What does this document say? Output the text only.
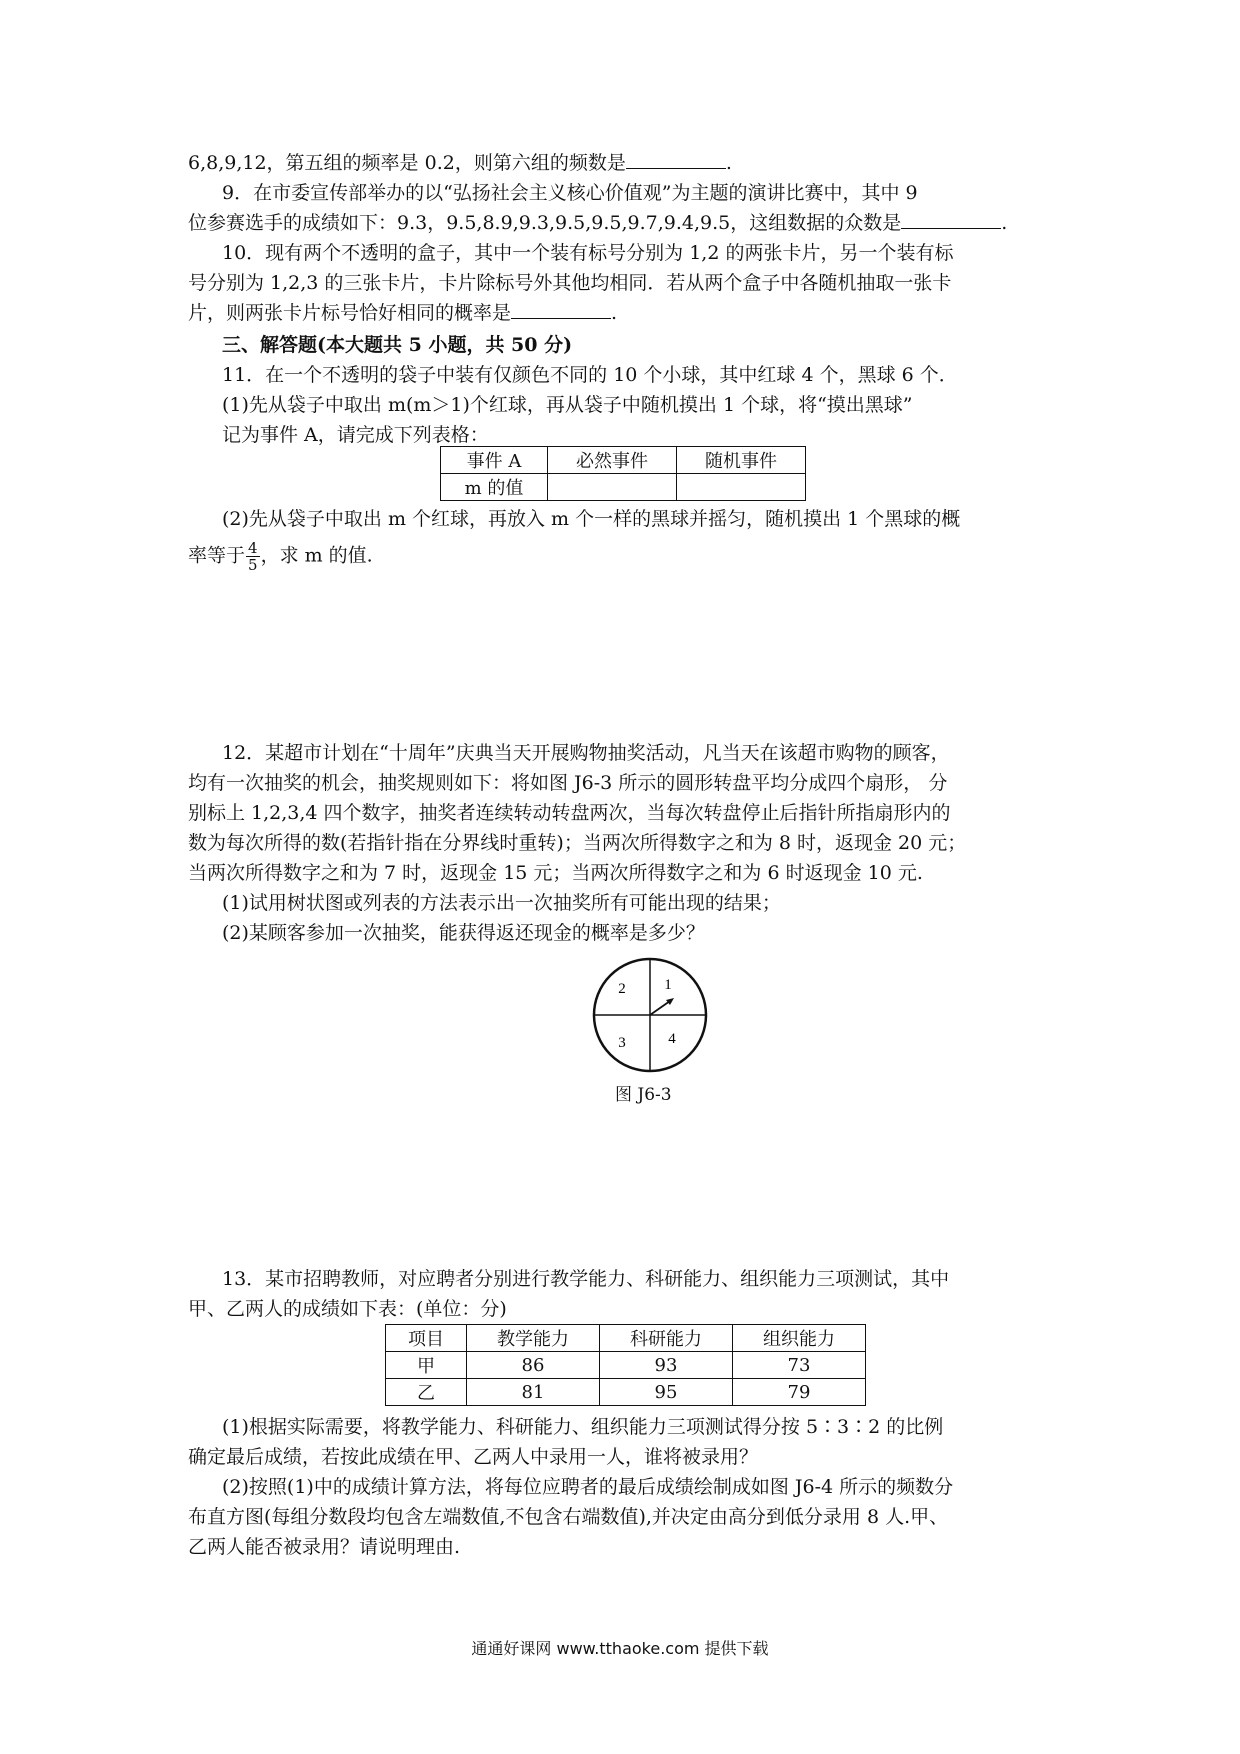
6,8,9,12，第五组的频率是 0.2，则第六组的频数是	.
9．在市委宣传部举办的以“弘扬社会主义核心价值观”为主题的演讲比赛中，其中 9
位参赛选手的成绩如下：9.3，9.5,8.9,9.3,9.5,9.5,9.7,9.4,9.5，这组数据的众数是	.
10．现有两个不透明的盒子，其中一个装有标号分别为 1,2 的两张卡片，另一个装有标
号分别为 1,2,3 的三张卡片，卡片除标号外其他均相同．若从两个盒子中各随机抽取一张卡
片，则两张卡片标号恰好相同的概率是	.
三、解答题(本大题共 5 小题，共 50 分)
11．在一个不透明的袋子中装有仅颜色不同的 10 个小球，其中红球 4 个，黑球 6 个．
(1)先从袋子中取出 m(m＞1)个红球，再从袋子中随机摸出 1 个球，将“摸出黑球”
记为事件 A，请完成下列表格：
事件 A	必然事件	随机事件
m 的值		
(2)先从袋子中取出 m 个红球，再放入 m 个一样的黑球并摇匀，随机摸出 1 个黑球的概
率等于 $\frac{4}{5}$ ，求 m 的值.
12．某超市计划在“十周年”庆典当天开展购物抽奖活动，凡当天在该超市购物的顾客，
均有一次抽奖的机会，抽奖规则如下：将如图 J6-3 所示的圆形转盘平均分成四个扇形， 分
别标上 1,2,3,4 四个数字，抽奖者连续转动转盘两次，当每次转盘停止后指针所指扇形内的
数为每次所得的数(若指针指在分界线时重转)；当两次所得数字之和为 8 时，返现金 20 元；
当两次所得数字之和为 7 时，返现金 15 元；当两次所得数字之和为 6 时返现金 10 元.
(1)试用树状图或列表的方法表示出一次抽奖所有可能出现的结果；
(2)某顾客参加一次抽奖，能获得返还现金的概率是多少？
2	1
3	4
图 J6-3
13．某市招聘教师，对应聘者分别进行教学能力、科研能力、组织能力三项测试，其中
甲、乙两人的成绩如下表：(单位：分)
项目	教学能力	科研能力	组织能力
甲	86	93	73
乙	81	95	79
(1)根据实际需要，将教学能力、科研能力、组织能力三项测试得分按 5∶3∶2 的比例
确定最后成绩，若按此成绩在甲、乙两人中录用一人，谁将被录用？
(2)按照(1)中的成绩计算方法，将每位应聘者的最后成绩绘制成如图 J6-4 所示的频数分
布直方图(每组分数段均包含左端数值,不包含右端数值),并决定由高分到低分录用 8 人.甲、
乙两人能否被录用？请说明理由.
通通好课网 www.tthaoke.com 提供下载
